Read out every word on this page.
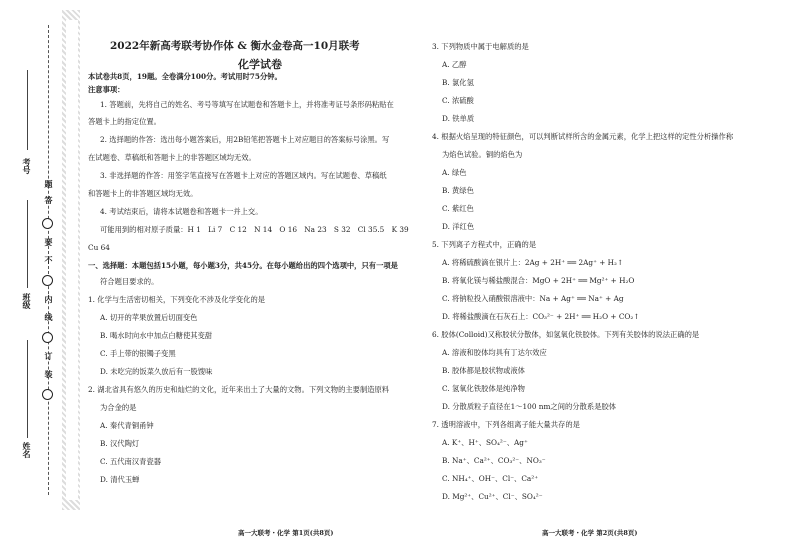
考号
班级
姓名
题
答
要
不
内
线
订
装
2022年新高考联考协作体 & 衡水金卷高一10月联考
化学试卷
本试卷共8页，19题。全卷满分100分。考试用时75分钟。
注意事项：
1. 答题前，先将自己的姓名、考号等填写在试题卷和答题卡上，并将准考证号条形码粘贴在
答题卡上的指定位置。
2. 选择题的作答：选出每小题答案后，用2B铅笔把答题卡上对应题目的答案标号涂黑。写
在试题卷、草稿纸和答题卡上的非答题区域均无效。
3. 非选择题的作答：用签字笔直接写在答题卡上对应的答题区域内。写在试题卷、草稿纸
和答题卡上的非答题区域均无效。
4. 考试结束后，请将本试题卷和答题卡一并上交。
可能用到的相对原子质量：H 1　Li 7　C 12　N 14　O 16　Na 23　S 32　Cl 35.5　K 39
Cu 64
一、选择题：本题包括15小题，每小题3分，共45分。在每小题给出的四个选项中，只有一项是
符合题目要求的。
1. 化学与生活密切相关，下列变化不涉及化学变化的是
A. 切开的苹果放置后切面变色
B. 喝水时向水中加点白糖使其变甜
C. 手上带的银镯子变黑
D. 未吃完的饭菜久放后有一股馊味
2. 湖北省具有悠久的历史和灿烂的文化，近年来出土了大量的文物。下列文物的主要制造原料
为合金的是
A. 秦代青铜甬钟
B. 汉代陶灯
C. 五代南汉青瓷器
D. 清代玉蝉
高一大联考・化学 第1页(共8页)
3. 下列物质中属于电解质的是
A. 乙醇
B. 氯化氢
C. 浓硫酸
D. 铁单质
4. 根据火焰呈现的特征颜色，可以判断试样所含的金属元素，化学上把这样的定性分析操作称
为焰色试验。铜的焰色为
A. 绿色
B. 黄绿色
C. 紫红色
D. 洋红色
5. 下列离子方程式中，正确的是
A. 将稀硫酸滴在银片上：2Ag + 2H⁺ ══ 2Ag⁺ + H₂↑
B. 将氧化镁与稀盐酸混合：MgO + 2H⁺ ══ Mg²⁺ + H₂O
C. 将钠粒投入硝酸银溶液中：Na + Ag⁺ ══ Na⁺ + Ag
D. 将稀盐酸滴在石灰石上：CO₃²⁻ + 2H⁺ ══ H₂O + CO₂↑
6. 胶体(Colloid)又称胶状分散体，如氢氧化铁胶体。下列有关胶体的说法正确的是
A. 溶液和胶体均具有丁达尔效应
B. 胶体都是胶状物或液体
C. 氢氧化铁胶体是纯净物
D. 分散质粒子直径在1～100 nm之间的分散系是胶体
7. 透明溶液中，下列各组离子能大量共存的是
A. K⁺、H⁺、SO₄²⁻、Ag⁺
B. Na⁺、Ca²⁺、CO₃²⁻、NO₃⁻
C. NH₄⁺、OH⁻、Cl⁻、Ca²⁺
D. Mg²⁺、Cu²⁺、Cl⁻、SO₄²⁻
高一大联考・化学 第2页(共8页)
